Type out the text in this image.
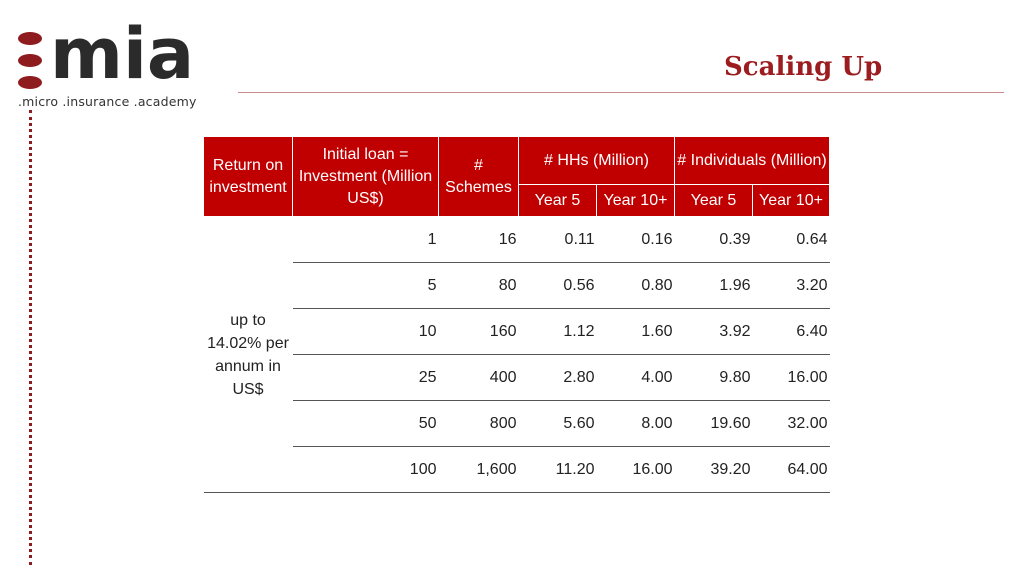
mia
.micro .insurance .academy
Scaling Up
Return on investment	Initial loan = Investment (Million US$)	# Schemes	# HHs (Million)		# Individuals (Million)	
			Year 5	Year 10+	Year 5	Year 10+
up to 14.02% per annum in US$	1	16	0.11	0.16	0.39	0.64
	5	80	0.56	0.80	1.96	3.20
	10	160	1.12	1.60	3.92	6.40
	25	400	2.80	4.00	9.80	16.00
	50	800	5.60	8.00	19.60	32.00
	100	1,600	11.20	16.00	39.20	64.00
